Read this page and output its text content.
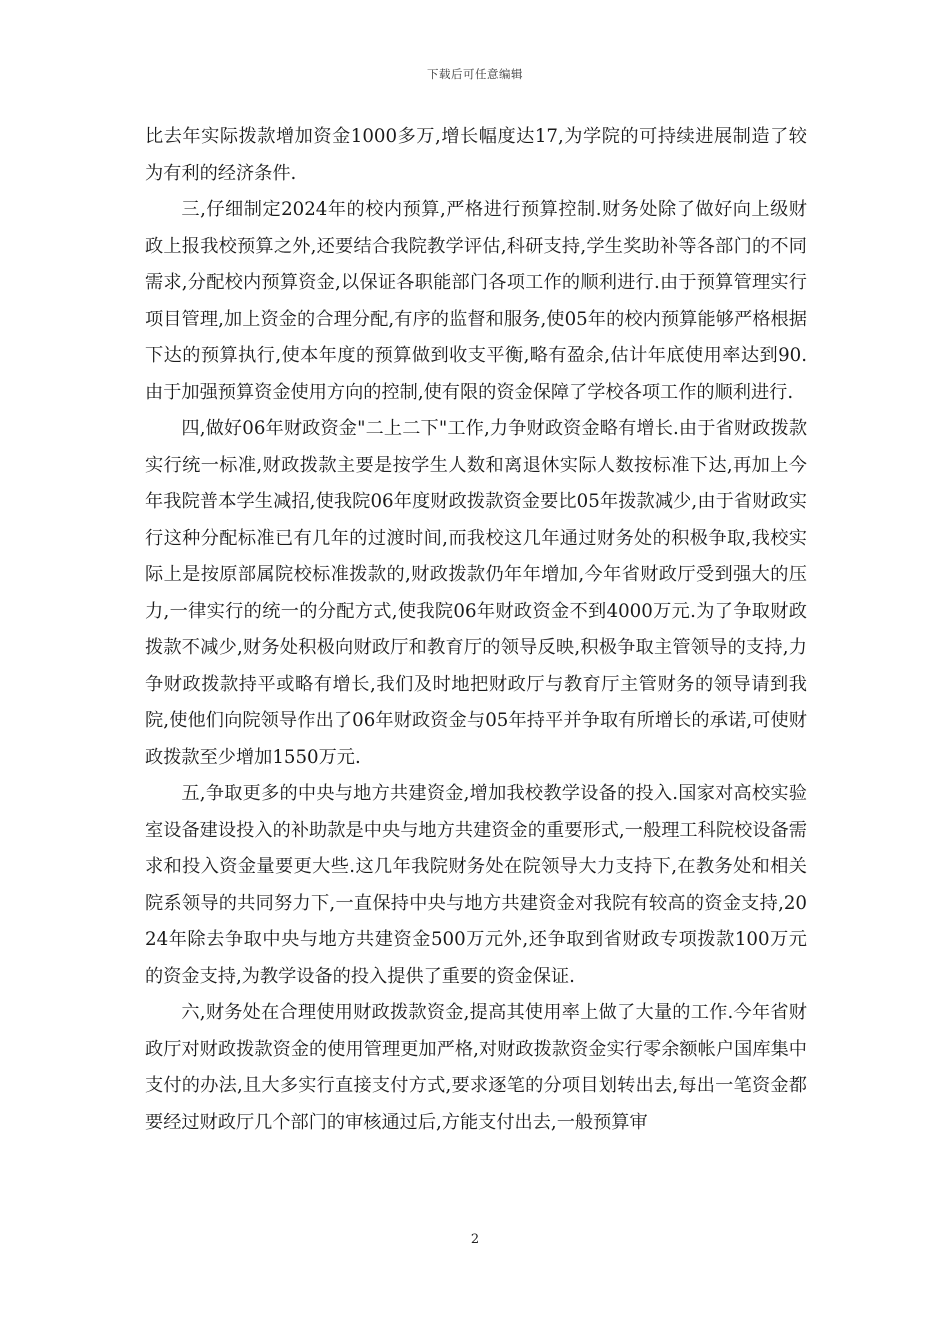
下载后可任意编辑

比去年实际拨款增加资金1000多万,增长幅度达17,为学院的可持续进展制造了较为有利的经济条件.

三,仔细制定2024年的校内预算,严格进行预算控制.财务处除了做好向上级财政上报我校预算之外,还要结合我院教学评估,科研支持,学生奖助补等各部门的不同需求,分配校内预算资金,以保证各职能部门各项工作的顺利进行.由于预算管理实行项目管理,加上资金的合理分配,有序的监督和服务,使05年的校内预算能够严格根据下达的预算执行,使本年度的预算做到收支平衡,略有盈余,估计年底使用率达到90.由于加强预算资金使用方向的控制,使有限的资金保障了学校各项工作的顺利进行.

四,做好06年财政资金"二上二下"工作,力争财政资金略有增长.由于省财政拨款实行统一标准,财政拨款主要是按学生人数和离退休实际人数按标准下达,再加上今年我院普本学生减招,使我院06年度财政拨款资金要比05年拨款减少,由于省财政实行这种分配标准已有几年的过渡时间,而我校这几年通过财务处的积极争取,我校实际上是按原部属院校标准拨款的,财政拨款仍年年增加,今年省财政厅受到强大的压力,一律实行的统一的分配方式,使我院06年财政资金不到4000万元.为了争取财政拨款不减少,财务处积极向财政厅和教育厅的领导反映,积极争取主管领导的支持,力争财政拨款持平或略有增长,我们及时地把财政厅与教育厅主管财务的领导请到我院,使他们向院领导作出了06年财政资金与05年持平并争取有所增长的承诺,可使财政拨款至少增加1550万元.

五,争取更多的中央与地方共建资金,增加我校教学设备的投入.国家对高校实验室设备建设投入的补助款是中央与地方共建资金的重要形式,一般理工科院校设备需求和投入资金量要更大些.这几年我院财务处在院领导大力支持下,在教务处和相关院系领导的共同努力下,一直保持中央与地方共建资金对我院有较高的资金支持,2024年除去争取中央与地方共建资金500万元外,还争取到省财政专项拨款100万元的资金支持,为教学设备的投入提供了重要的资金保证.

六,财务处在合理使用财政拨款资金,提高其使用率上做了大量的工作.今年省财政厅对财政拨款资金的使用管理更加严格,对财政拨款资金实行零余额帐户国库集中支付的办法,且大多实行直接支付方式,要求逐笔的分项目划转出去,每出一笔资金都要经过财政厅几个部门的审核通过后,方能支付出去,一般预算审

2
